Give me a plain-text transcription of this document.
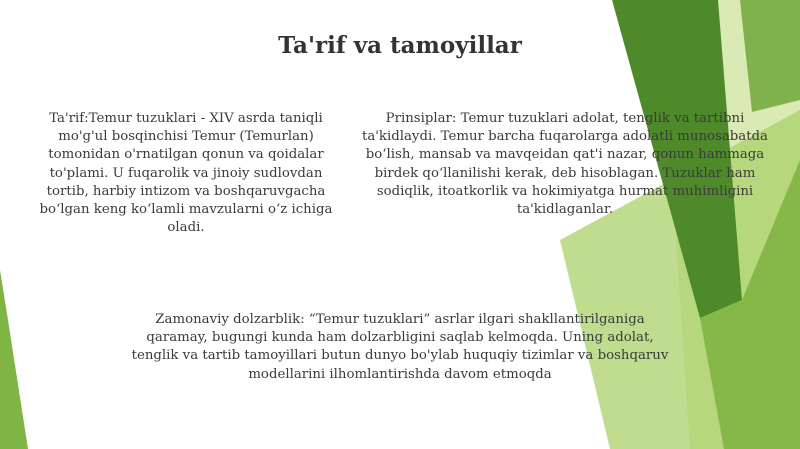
Ta'rif va tamoyillar

Ta'rif:Temur tuzuklari - XIV asrda taniqli mo'g'ul bosqinchisi Temur (Temurlan) tomonidan o'rnatilgan qonun va qoidalar to'plami. U fuqarolik va jinoiy sudlovdan tortib, harbiy intizom va boshqaruvgacha bo‘lgan keng ko‘lamli mavzularni o‘z ichiga oladi.

Prinsiplar: Temur tuzuklari adolat, tenglik va tartibni ta'kidlaydi. Temur barcha fuqarolarga adolatli munosabatda bo‘lish, mansab va mavqeidan qat'i nazar, qonun hammaga birdek qo‘llanilishi kerak, deb hisoblagan. Tuzuklar ham sodiqlik, itoatkorlik va hokimiyatga hurmat muhimligini ta'kidlaganlar.

Zamonaviy dolzarblik: “Temur tuzuklari” asrlar ilgari shakllantirilganiga qaramay, bugungi kunda ham dolzarbligini saqlab kelmoqda. Uning adolat, tenglik va tartib tamoyillari butun dunyo bo'ylab huquqiy tizimlar va boshqaruv modellarini ilhomlantirishda davom etmoqda
